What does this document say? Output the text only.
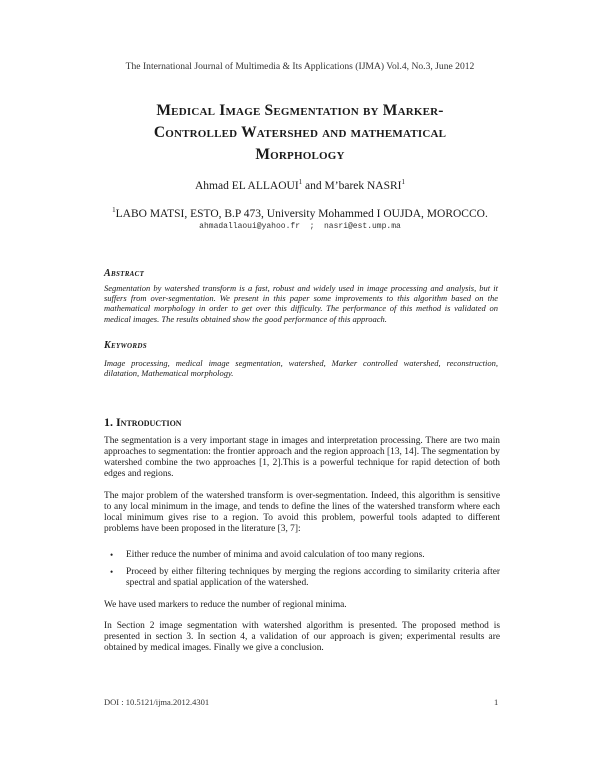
The International Journal of Multimedia & Its Applications (IJMA) Vol.4, No.3, June 2012
Medical Image Segmentation by Marker-
Controlled Watershed and mathematical
Morphology
Ahmad EL ALLAOUI$^1$ and M’barek NASRI$^1$
$^1$LABO MATSI, ESTO, B.P 473, University Mohammed I OUJDA, MOROCCO.
ahmadallaoui@yahoo.fr  ;  nasri@est.ump.ma
Abstract
Segmentation by watershed transform is a fast, robust and widely used in image processing and analysis, but it suffers from over-segmentation. We present in this paper some improvements to this algorithm based on the mathematical morphology in order to get over this difficulty. The performance of this method is validated on medical images. The results obtained show the good performance of this approach.
Keywords
Image processing, medical image segmentation, watershed, Marker controlled watershed, reconstruction, dilatation, Mathematical morphology.
1. Introduction

The segmentation is a very important stage in images and interpretation processing. There are two main approaches to segmentation: the frontier approach and the region approach [13, 14]. The segmentation by watershed combine the two approaches [1, 2].This is a powerful technique for rapid detection of both edges and regions.

The major problem of the watershed transform is over-segmentation. Indeed, this algorithm is sensitive to any local minimum in the image, and tends to define the lines of the watershed transform where each local minimum gives rise to a region. To avoid this problem, powerful tools adapted to different problems have been proposed in the literature [3, 7]:

• Either reduce the number of minima and avoid calculation of too many regions.
• Proceed by either filtering techniques by merging the regions according to similarity criteria after spectral and spatial application of the watershed.

We have used markers to reduce the number of regional minima.

In Section 2 image segmentation with watershed algorithm is presented. The proposed method is presented in section 3. In section 4, a validation of our approach is given; experimental results are obtained by medical images. Finally we give a conclusion.

DOI : 10.5121/ijma.2012.4301	1
